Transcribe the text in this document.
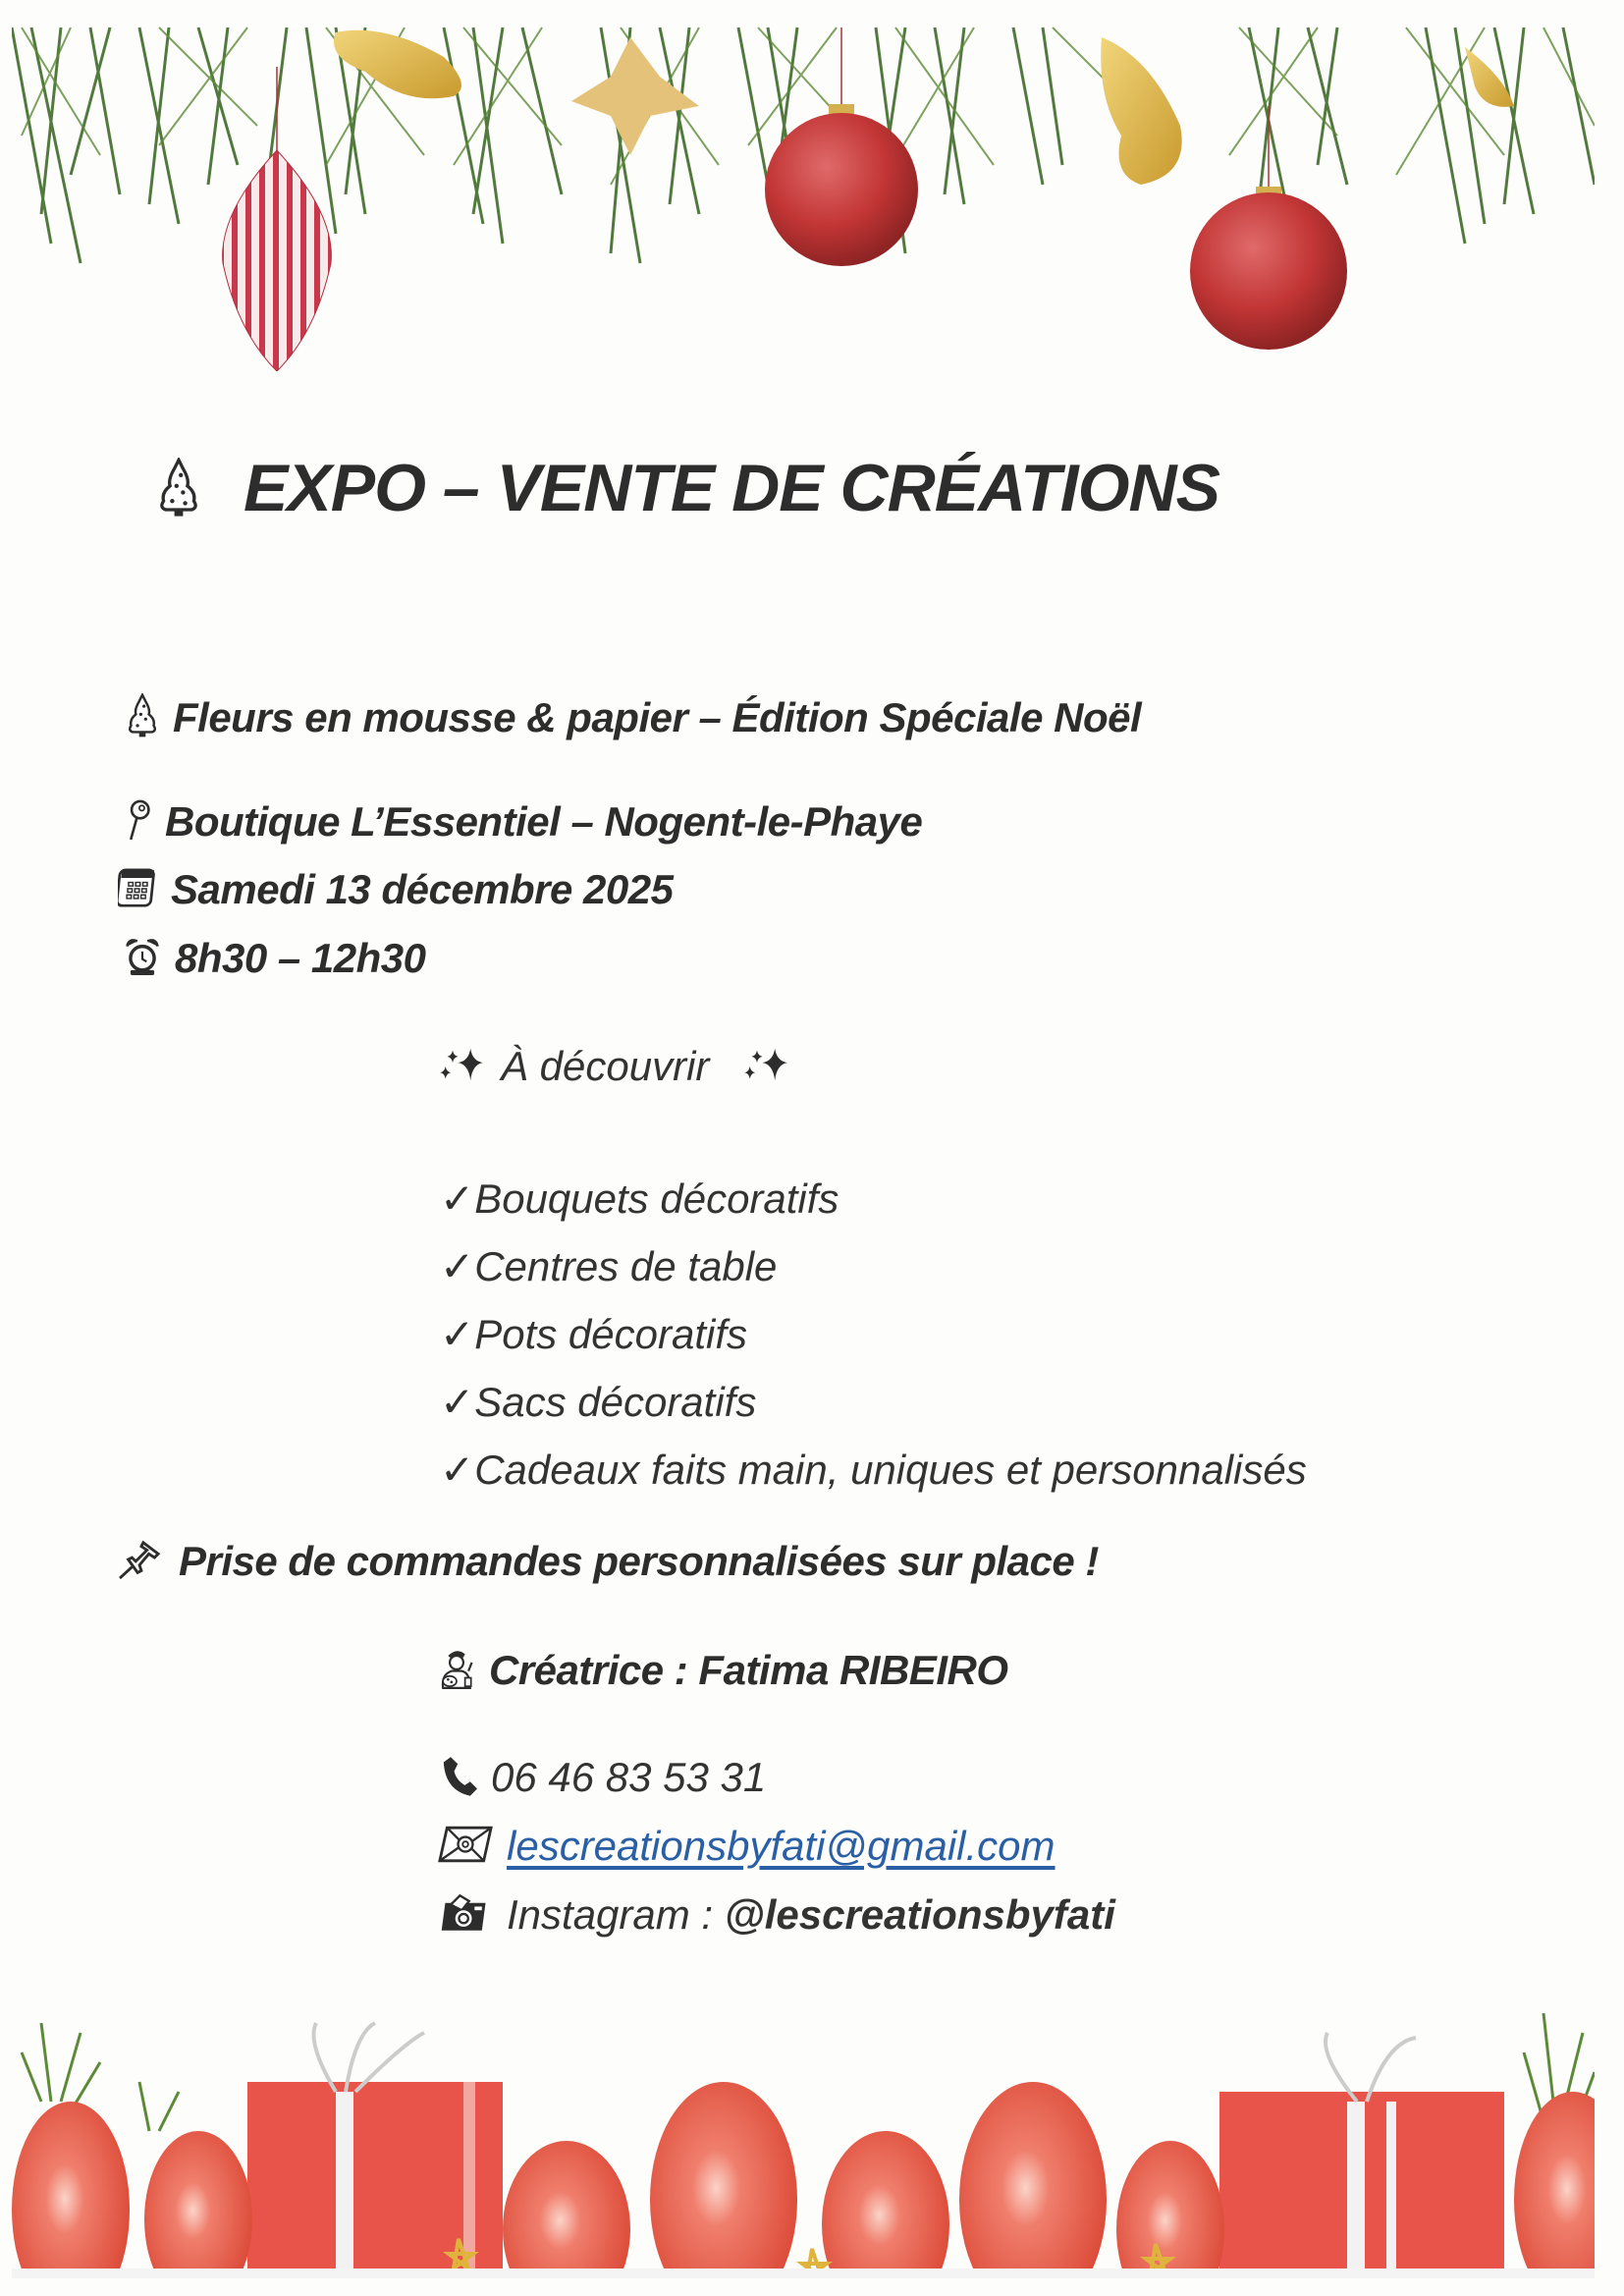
EXPO – VENTE DE CRÉATIONS
Fleurs en mousse & papier – Édition Spéciale Noël
Boutique L’Essentiel – Nogent-le-Phaye
Samedi 13 décembre 2025
8h30 – 12h30
À découvrir
✓Bouquets décoratifs
✓Centres de table
✓Pots décoratifs
✓Sacs décoratifs
✓Cadeaux faits main, uniques et personnalisés
Prise de commandes personnalisées sur place !
Créatrice : Fatima RIBEIRO
06 46 83 53 31
lescreationsbyfati@gmail.com
Instagram : @lescreationsbyfati
